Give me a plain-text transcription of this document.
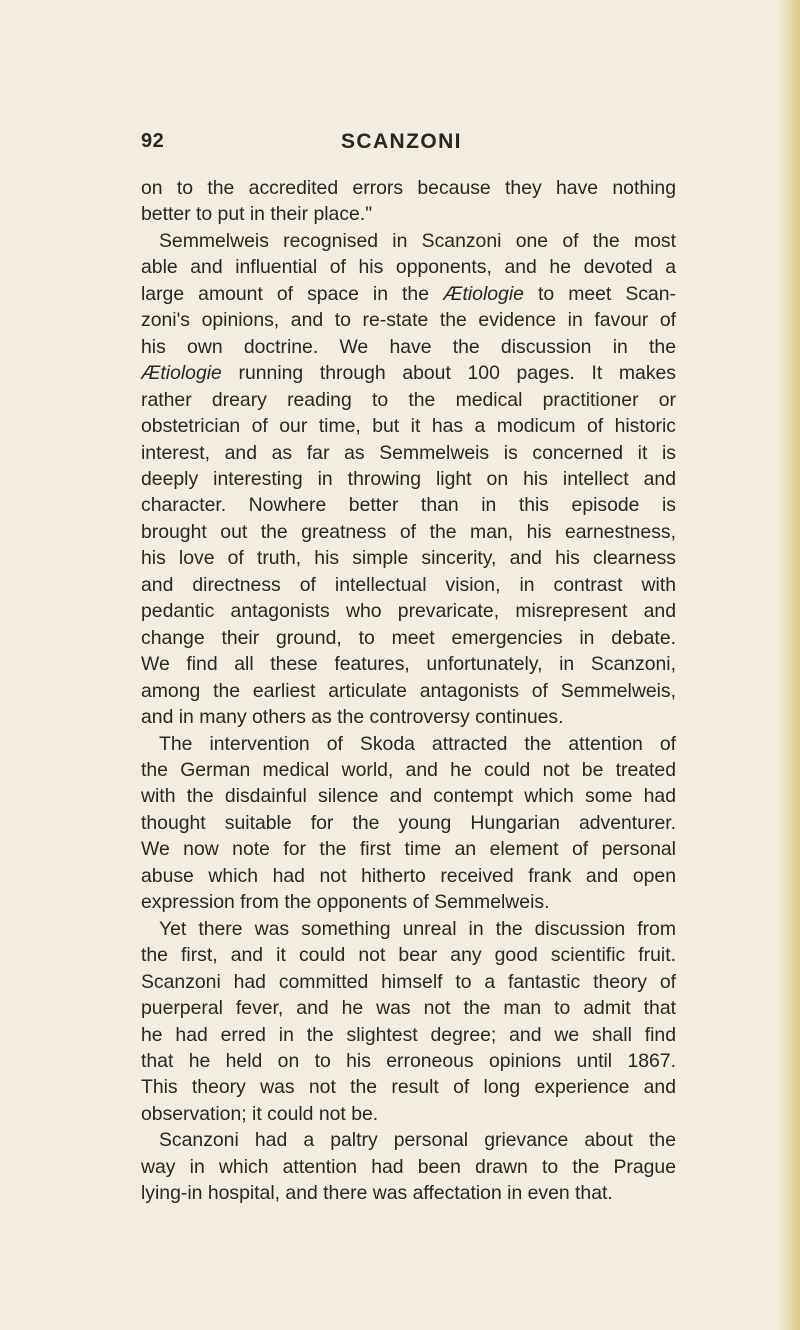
92	SCANZONI
on to the accredited errors because they have nothing
better to put in their place."
Semmelweis recognised in Scanzoni one of the most
able and influential of his opponents, and he devoted a
large amount of space in the Ætiologie to meet Scan-
zoni's opinions, and to re-state the evidence in favour of
his own doctrine. We have the discussion in the
Ætiologie running through about 100 pages. It makes
rather dreary reading to the medical practitioner or
obstetrician of our time, but it has a modicum of historic
interest, and as far as Semmelweis is concerned it is
deeply interesting in throwing light on his intellect and
character. Nowhere better than in this episode is
brought out the greatness of the man, his earnestness,
his love of truth, his simple sincerity, and his clearness
and directness of intellectual vision, in contrast with
pedantic antagonists who prevaricate, misrepresent and
change their ground, to meet emergencies in debate.
We find all these features, unfortunately, in Scanzoni,
among the earliest articulate antagonists of Semmelweis,
and in many others as the controversy continues.
The intervention of Skoda attracted the attention of
the German medical world, and he could not be treated
with the disdainful silence and contempt which some had
thought suitable for the young Hungarian adventurer.
We now note for the first time an element of personal
abuse which had not hitherto received frank and open
expression from the opponents of Semmelweis.
Yet there was something unreal in the discussion from
the first, and it could not bear any good scientific fruit.
Scanzoni had committed himself to a fantastic theory of
puerperal fever, and he was not the man to admit that
he had erred in the slightest degree; and we shall find
that he held on to his erroneous opinions until 1867.
This theory was not the result of long experience and
observation; it could not be.
Scanzoni had a paltry personal grievance about the
way in which attention had been drawn to the Prague
lying-in hospital, and there was affectation in even that.
